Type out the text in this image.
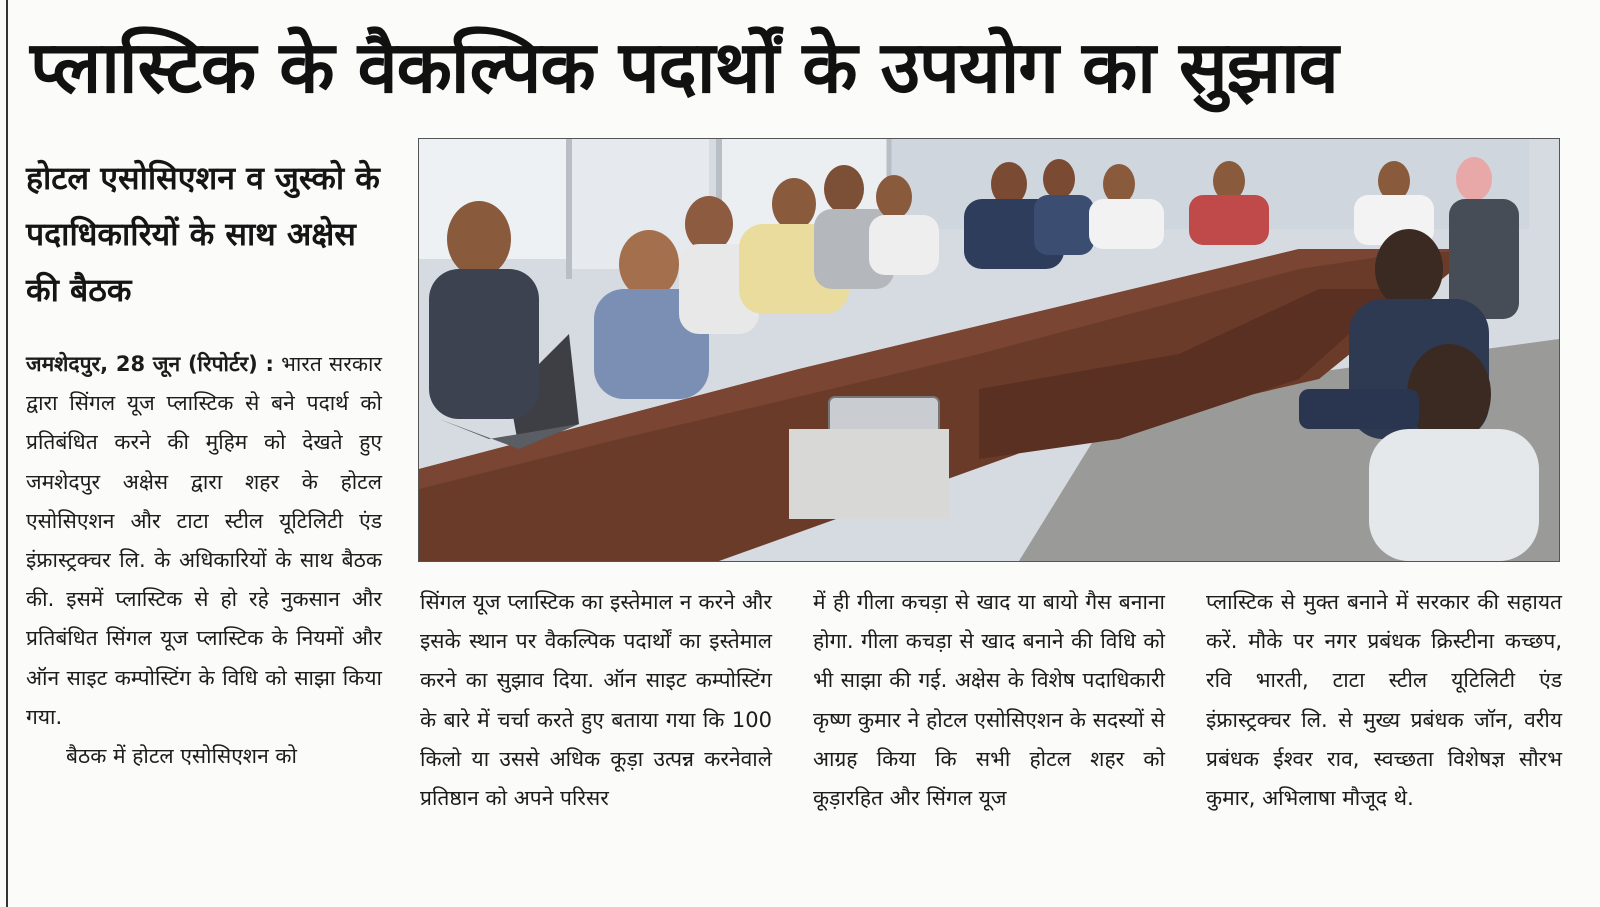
प्लास्टिक के वैकल्पिक पदार्थों के उपयोग का सुझाव
होटल एसोसिएशन व जुस्को के पदाधिकारियों के साथ अक्षेस की बैठक

जमशेदपुर, 28 जून (रिपोर्टर) : भारत सरकार द्वारा सिंगल यूज प्लास्टिक से बने पदार्थ को प्रतिबंधित करने की मुहिम को देखते हुए जमशेदपुर अक्षेस द्वारा शहर के होटल एसोसिएशन और टाटा स्टील यूटिलिटी एंड इंफ्रास्ट्रक्चर लि. के अधिकारियों के साथ बैठक की. इसमें प्लास्टिक से हो रहे नुकसान और प्रतिबंधित सिंगल यूज प्लास्टिक के नियमों और ऑन साइट कम्पोस्टिंग के विधि को साझा किया गया.

बैठक में होटल एसोसिएशन को

सिंगल यूज प्लास्टिक का इस्तेमाल न करने और इसके स्थान पर वैकल्पिक पदार्थों का इस्तेमाल करने का सुझाव दिया. ऑन साइट कम्पोस्टिंग के बारे में चर्चा करते हुए बताया गया कि 100 किलो या उससे अधिक कूड़ा उत्पन्न करनेवाले प्रतिष्ठान को अपने परिसर

में ही गीला कचड़ा से खाद या बायो गैस बनाना होगा. गीला कचड़ा से खाद बनाने की विधि को भी साझा की गई. अक्षेस के विशेष पदाधिकारी कृष्ण कुमार ने होटल एसोसिएशन के सदस्यों से आग्रह किया कि सभी होटल शहर को कूड़ारहित और सिंगल यूज

प्लास्टिक से मुक्त बनाने में सरकार की सहायत करें. मौके पर नगर प्रबंधक क्रिस्टीना कच्छप, रवि भारती, टाटा स्टील यूटिलिटी एंड इंफ्रास्ट्रक्चर लि. से मुख्य प्रबंधक जॉन, वरीय प्रबंधक ईश्वर राव, स्वच्छता विशेषज्ञ सौरभ कुमार, अभिलाषा मौजूद थे.
